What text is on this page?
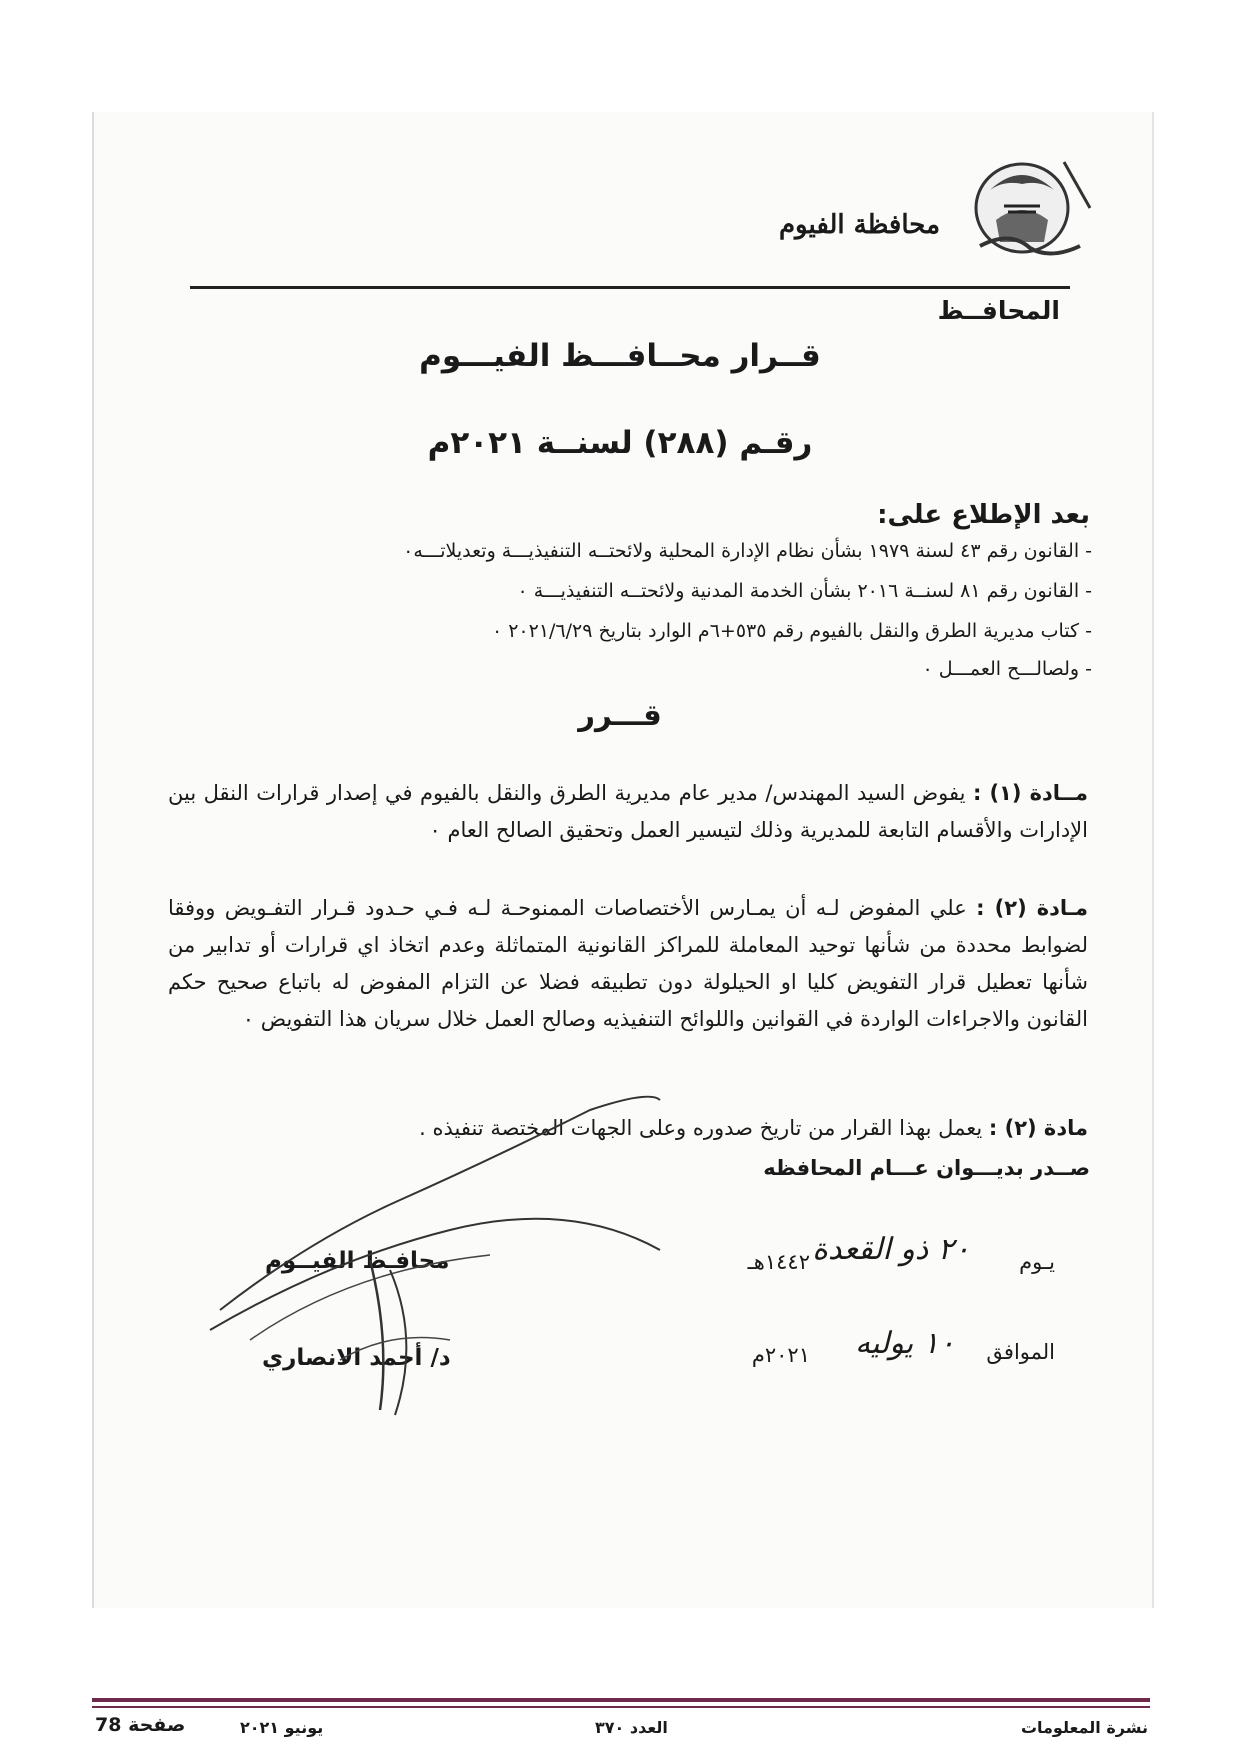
محافظة الفيوم
المحافــظ
قــرار محــافـــظ الفيـــوم
رقـم (٢٨٨) لسنــة ٢٠٢١م
بعد الإطلاع على:
- القانون رقم ٤٣ لسنة ١٩٧٩ بشأن نظام الإدارة المحلية ولائحتــه التنفيذيـــة وتعديلاتـــه٠
- القانون رقم ٨١ لسنــة ٢٠١٦ بشأن الخدمة المدنية ولائحتــه التنفيذيـــة ٠
- كتاب مديرية الطرق والنقل بالفيوم رقم ٥٣٥+٦م الوارد بتاريخ ٢٠٢١/٦/٢٩ ٠
- ولصالـــح العمـــل ٠
قـــرر
مــادة (١) : يفوض السيد المهندس/ مدير عام مديرية الطرق والنقل بالفيوم في إصدار قرارات النقل بين الإدارات والأقسام التابعة للمديرية وذلك لتيسير العمل وتحقيق الصالح العام ٠
مـادة (٢) : علي المفوض لـه أن يمـارس الأختصاصات الممنوحـة لـه فـي حـدود قـرار التفـويض ووفقا لضوابط محددة من شأنها توحيد المعاملة للمراكز القانونية المتماثلة وعدم اتخاذ اي قرارات أو تدابير من شأنها تعطيل قرار التفويض كليا او الحيلولة دون تطبيقه فضلا عن التزام المفوض له باتباع صحيح حكم القانون والاجراءات الواردة في القوانين واللوائح التنفيذيه وصالح العمل خلال سريان هذا التفويض ٠
مادة (٢) : يعمل بهذا القرار من تاريخ صدوره وعلى الجهات المختصة تنفيذه .
صــدر بديـــوان عـــام المحافظه
يـوم
٢٠ ذو القعدة
١٤٤٢هـ
الموافق
١٠ يوليه
٢٠٢١م
محافـظ الفيــوم
د/ أحمد الانصاري
نشرة المعلومات
العدد ٣٧٠
يونيو ٢٠٢١
صفحة 78
